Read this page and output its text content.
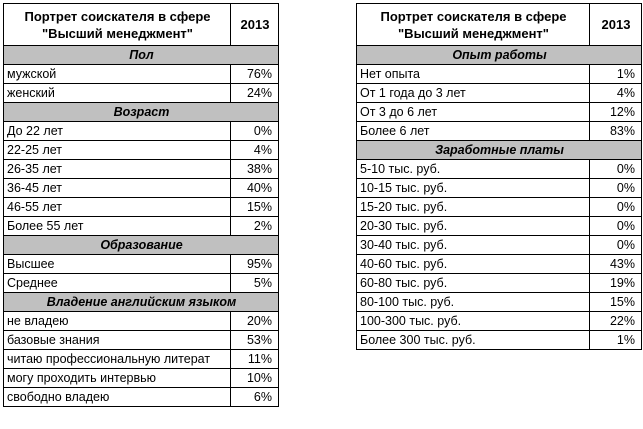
Портрет соискателя в сфере
"Высший менеджмент"	2013
Пол	
мужской	76%
женский	24%
Возраст	
До 22 лет	0%
22-25 лет	4%
26-35 лет	38%
36-45 лет	40%
46-55 лет	15%
Более 55 лет	2%
Образование	
Высшее	95%
Среднее	5%
Владение английским языком	
не владею	20%
базовые знания	53%
читаю профессиональную литерат	11%
могу проходить интервью	10%
свободно владею	6%
Портрет соискателя в сфере
"Высший менеджмент"	2013
Опыт работы	
Нет опыта	1%
От 1 года до 3 лет	4%
От 3 до 6 лет	12%
Более 6 лет	83%
Заработные платы	
5-10 тыс. руб.	0%
10-15 тыс. руб.	0%
15-20 тыс. руб.	0%
20-30 тыс. руб.	0%
30-40 тыс. руб.	0%
40-60 тыс. руб.	43%
60-80 тыс. руб.	19%
80-100 тыс. руб.	15%
100-300 тыс. руб.	22%
Более 300 тыс. руб.	1%
